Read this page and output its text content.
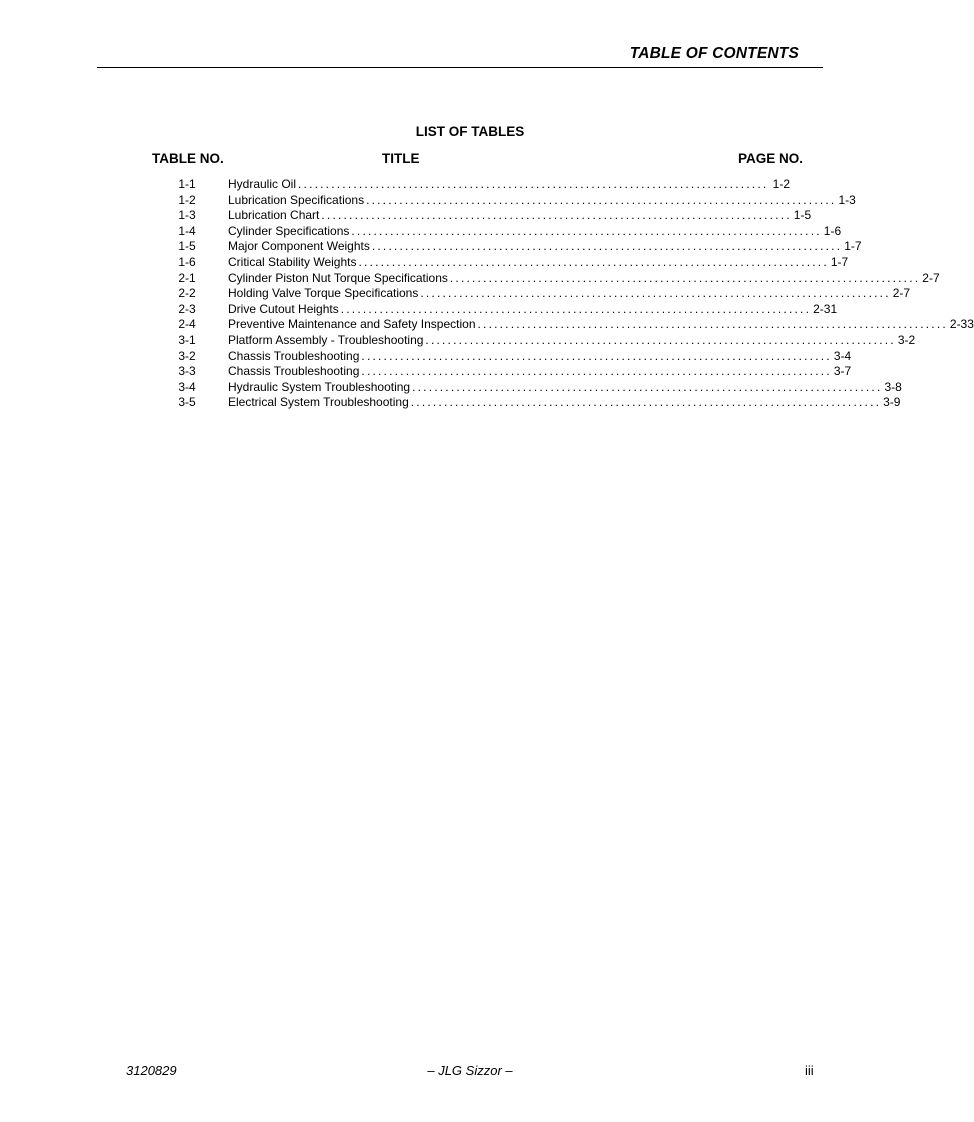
TABLE OF CONTENTS
LIST OF TABLES
TABLE NO.	TITLE	PAGE NO.
1-1	Hydraulic Oil ..................................................................................... 1-2
1-2	Lubrication Specifications ..................................................................................... 1-3
1-3	Lubrication Chart ..................................................................................... 1-5
1-4	Cylinder Specifications ..................................................................................... 1-6
1-5	Major Component Weights ..................................................................................... 1-7
1-6	Critical Stability Weights ..................................................................................... 1-7
2-1	Cylinder Piston Nut Torque Specifications ..................................................................................... 2-7
2-2	Holding Valve Torque Specifications ..................................................................................... 2-7
2-3	Drive Cutout Heights ..................................................................................... 2-31
2-4	Preventive Maintenance and Safety Inspection ..................................................................................... 2-33
3-1	Platform Assembly - Troubleshooting ..................................................................................... 3-2
3-2	Chassis Troubleshooting ..................................................................................... 3-4
3-3	Chassis Troubleshooting ..................................................................................... 3-7
3-4	Hydraulic System Troubleshooting ..................................................................................... 3-8
3-5	Electrical System Troubleshooting ..................................................................................... 3-9
3120829	– JLG Sizzor –	iii
